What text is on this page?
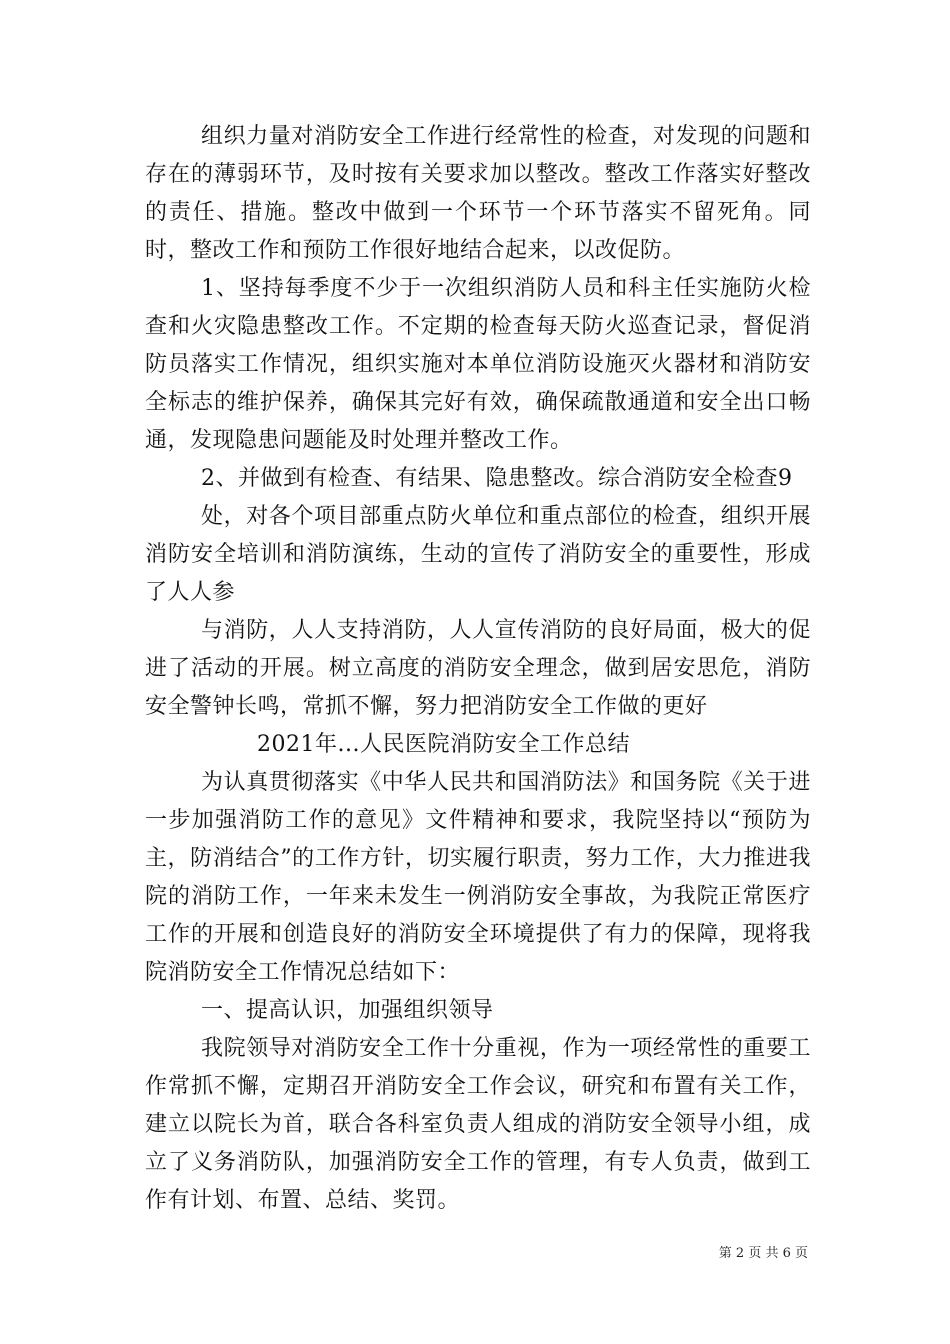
组织力量对消防安全工作进行经常性的检查，对发现的问题和存在的薄弱环节，及时按有关要求加以整改。整改工作落实好整改的责任、措施。整改中做到一个环节一个环节落实不留死角。同时，整改工作和预防工作很好地结合起来，以改促防。

1、坚持每季度不少于一次组织消防人员和科主任实施防火检查和火灾隐患整改工作。不定期的检查每天防火巡查记录，督促消防员落实工作情况，组织实施对本单位消防设施灭火器材和消防安全标志的维护保养，确保其完好有效，确保疏散通道和安全出口畅通，发现隐患问题能及时处理并整改工作。

2、并做到有检查、有结果、隐患整改。综合消防安全检查9

处，对各个项目部重点防火单位和重点部位的检查，组织开展消防安全培训和消防演练，生动的宣传了消防安全的重要性，形成了人人参

与消防，人人支持消防，人人宣传消防的良好局面，极大的促进了活动的开展。树立高度的消防安全理念，做到居安思危，消防安全警钟长鸣，常抓不懈，努力把消防安全工作做的更好

2021年...人民医院消防安全工作总结

为认真贯彻落实《中华人民共和国消防法》和国务院《关于进一步加强消防工作的意见》文件精神和要求，我院坚持以“预防为主，防消结合”的工作方针，切实履行职责，努力工作，大力推进我院的消防工作，一年来未发生一例消防安全事故，为我院正常医疗工作的开展和创造良好的消防安全环境提供了有力的保障，现将我院消防安全工作情况总结如下：

一、提高认识，加强组织领导

我院领导对消防安全工作十分重视，作为一项经常性的重要工作常抓不懈，定期召开消防安全工作会议，研究和布置有关工作，建立以院长为首，联合各科室负责人组成的消防安全领导小组，成立了义务消防队，加强消防安全工作的管理，有专人负责，做到工作有计划、布置、总结、奖罚。

第 2 页 共 6 页
